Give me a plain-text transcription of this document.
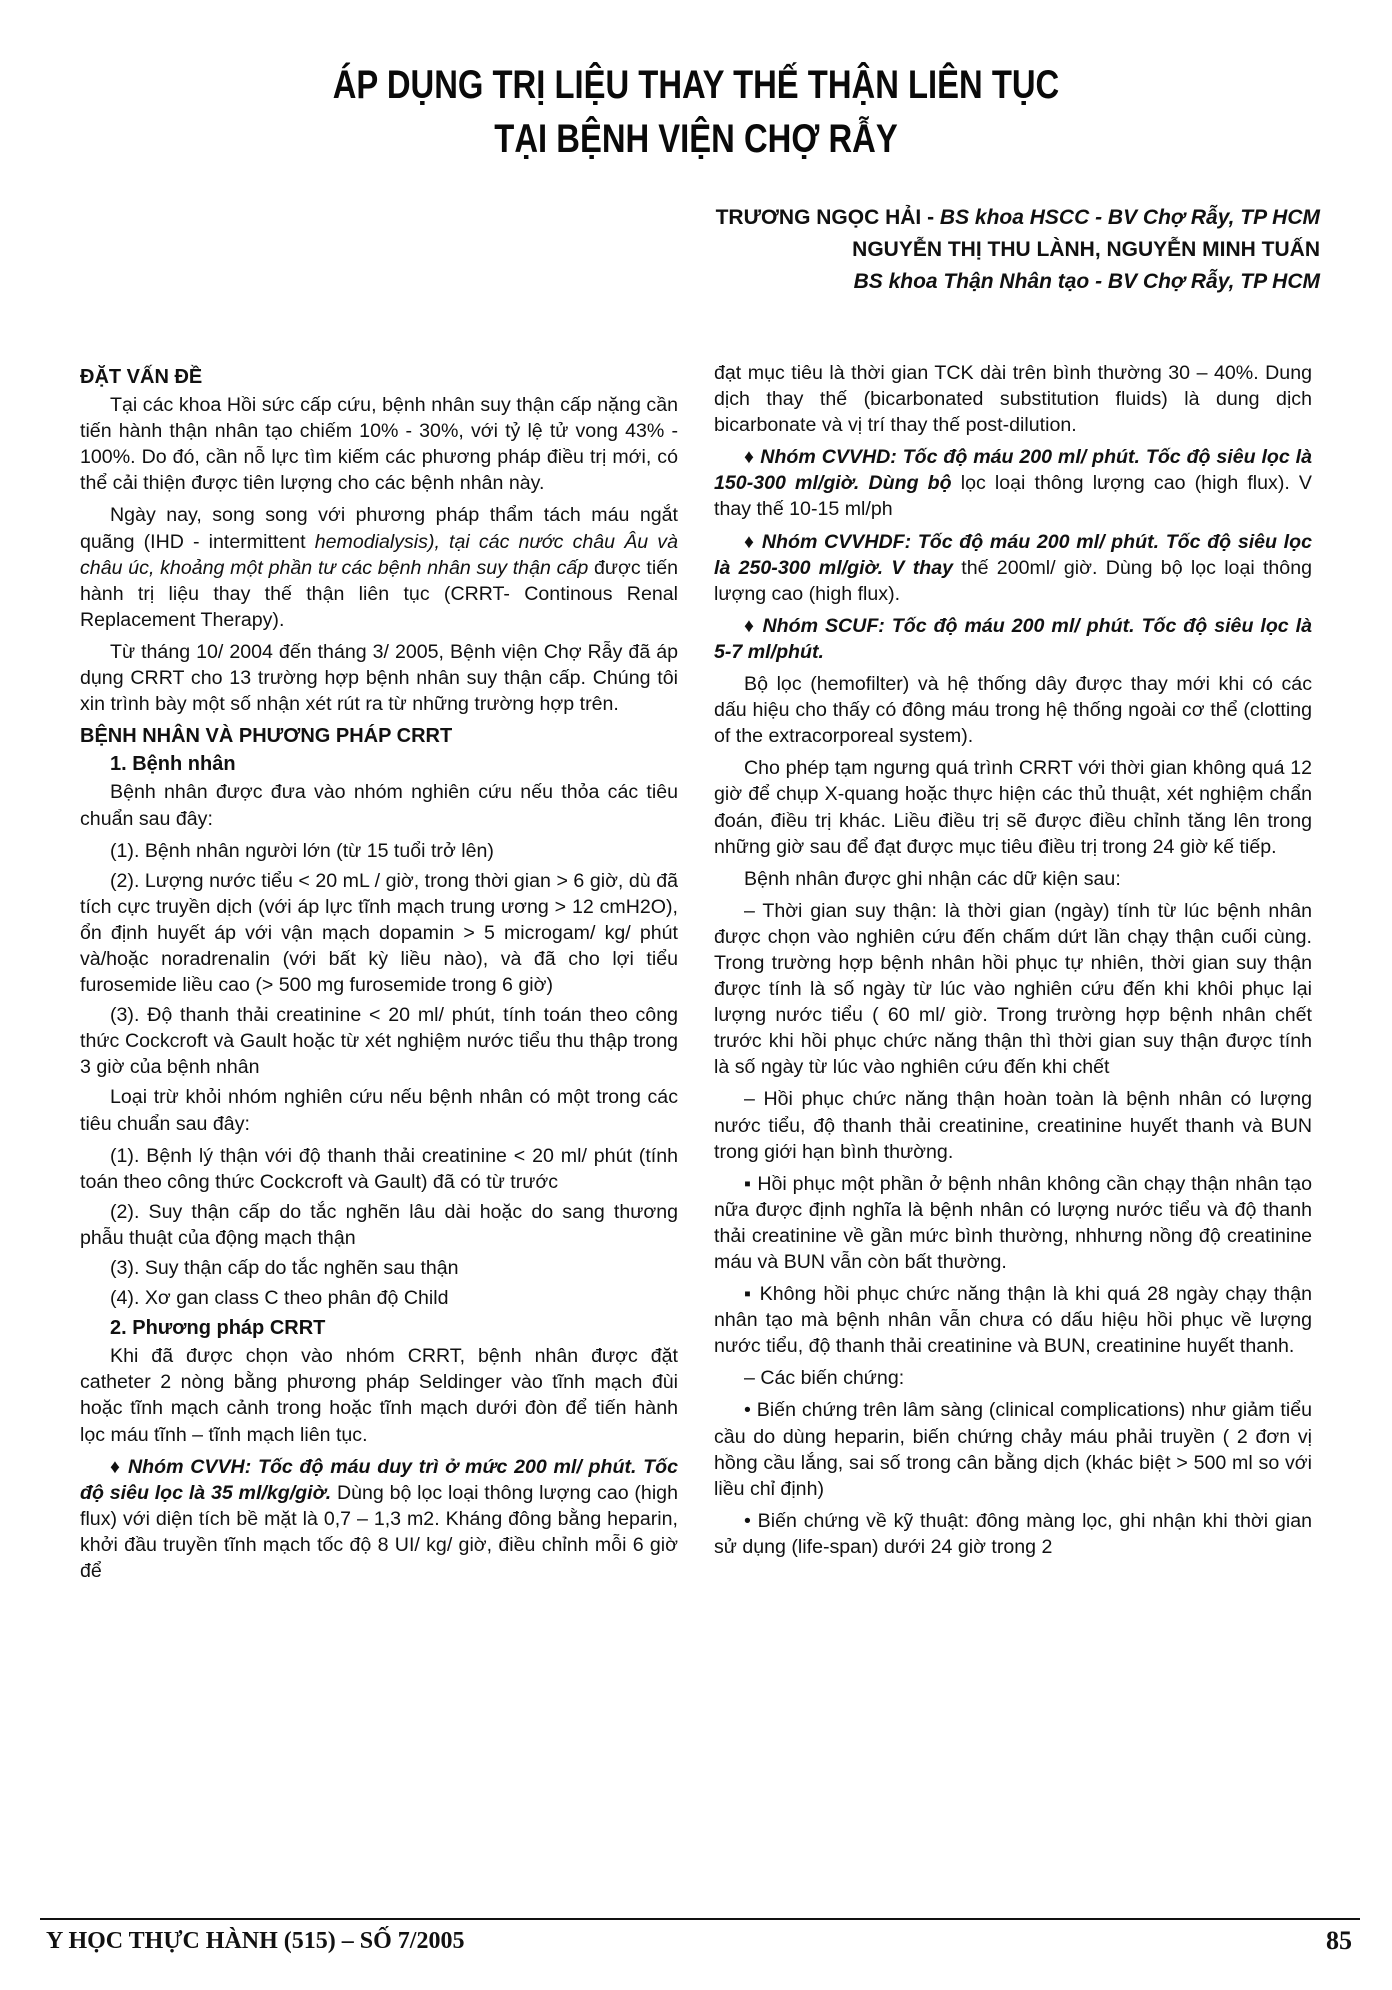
ÁP DỤNG TRỊ LIỆU THAY THẾ THẬN LIÊN TỤC
TẠI BỆNH VIỆN CHỢ RẪY
TRƯƠNG NGỌC HẢI - BS khoa HSCC - BV Chợ Rẫy, TP HCM
NGUYỄN THỊ THU LÀNH, NGUYỄN MINH TUẤN
BS khoa Thận Nhân tạo - BV Chợ Rẫy, TP HCM
ĐẶT VẤN ĐỀ

Tại các khoa Hồi sức cấp cứu, bệnh nhân suy thận cấp nặng cần tiến hành thận nhân tạo chiếm 10% - 30%, với tỷ lệ tử vong 43% - 100%. Do đó, cần nỗ lực tìm kiếm các phương pháp điều trị mới, có thể cải thiện được tiên lượng cho các bệnh nhân này.

Ngày nay, song song với phương pháp thẩm tách máu ngắt quãng (IHD - intermittent hemodialysis), tại các nước châu Âu và châu úc, khoảng một phần tư các bệnh nhân suy thận cấp được tiến hành trị liệu thay thế thận liên tục (CRRT- Continous Renal Replacement Therapy).

Từ tháng 10/ 2004 đến tháng 3/ 2005, Bệnh viện Chợ Rẫy đã áp dụng CRRT cho 13 trường hợp bệnh nhân suy thận cấp. Chúng tôi xin trình bày một số nhận xét rút ra từ những trường hợp trên.

BỆNH NHÂN VÀ PHƯƠNG PHÁP CRRT
1. Bệnh nhân

Bệnh nhân được đưa vào nhóm nghiên cứu nếu thỏa các tiêu chuẩn sau đây:

(1). Bệnh nhân người lớn (từ 15 tuổi trở lên)

(2). Lượng nước tiểu < 20 mL / giờ, trong thời gian > 6 giờ, dù đã tích cực truyền dịch (với áp lực tĩnh mạch trung ương > 12 cmH2O), ổn định huyết áp với vận mạch dopamin > 5 microgam/ kg/ phút và/hoặc noradrenalin (với bất kỳ liều nào), và đã cho lợi tiểu furosemide liều cao (> 500 mg furosemide trong 6 giờ)

(3). Độ thanh thải creatinine < 20 ml/ phút, tính toán theo công thức Cockcroft và Gault hoặc từ xét nghiệm nước tiểu thu thập trong 3 giờ của bệnh nhân

Loại trừ khỏi nhóm nghiên cứu nếu bệnh nhân có một trong các tiêu chuẩn sau đây:

(1). Bệnh lý thận với độ thanh thải creatinine < 20 ml/ phút (tính toán theo công thức Cockcroft và Gault) đã có từ trước

(2). Suy thận cấp do tắc nghẽn lâu dài hoặc do sang thương phẫu thuật của động mạch thận

(3). Suy thận cấp do tắc nghẽn sau thận

(4). Xơ gan class C theo phân độ Child

2. Phương pháp CRRT

Khi đã được chọn vào nhóm CRRT, bệnh nhân được đặt catheter 2 nòng bằng phương pháp Seldinger vào tĩnh mạch đùi hoặc tĩnh mạch cảnh trong hoặc tĩnh mạch dưới đòn để tiến hành lọc máu tĩnh – tĩnh mạch liên tục.

♦ Nhóm CVVH: Tốc độ máu duy trì ở mức 200 ml/ phút. Tốc độ siêu lọc là 35 ml/kg/giờ. Dùng bộ lọc loại thông lượng cao (high flux) với diện tích bề mặt là 0,7 – 1,3 m2. Kháng đông bằng heparin, khởi đầu truyền tĩnh mạch tốc độ 8 UI/ kg/ giờ, điều chỉnh mỗi 6 giờ để

đạt mục tiêu là thời gian TCK dài trên bình thường 30 – 40%. Dung dịch thay thế (bicarbonated substitution fluids) là dung dịch bicarbonate và vị trí thay thế post-dilution.

♦ Nhóm CVVHD: Tốc độ máu 200 ml/ phút. Tốc độ siêu lọc là 150-300 ml/giờ. Dùng bộ lọc loại thông lượng cao (high flux). V thay thế 10-15 ml/ph

♦ Nhóm CVVHDF: Tốc độ máu 200 ml/ phút. Tốc độ siêu lọc là 250-300 ml/giờ. V thay thế 200ml/ giờ. Dùng bộ lọc loại thông lượng cao (high flux).

♦ Nhóm SCUF: Tốc độ máu 200 ml/ phút. Tốc độ siêu lọc là 5-7 ml/phút.

Bộ lọc (hemofilter) và hệ thống dây được thay mới khi có các dấu hiệu cho thấy có đông máu trong hệ thống ngoài cơ thể (clotting of the extracorporeal system).

Cho phép tạm ngưng quá trình CRRT với thời gian không quá 12 giờ để chụp X-quang hoặc thực hiện các thủ thuật, xét nghiệm chẩn đoán, điều trị khác. Liều điều trị sẽ được điều chỉnh tăng lên trong những giờ sau để đạt được mục tiêu điều trị trong 24 giờ kế tiếp.

Bệnh nhân được ghi nhận các dữ kiện sau:

– Thời gian suy thận: là thời gian (ngày) tính từ lúc bệnh nhân được chọn vào nghiên cứu đến chấm dứt lần chạy thận cuối cùng. Trong trường hợp bệnh nhân hồi phục tự nhiên, thời gian suy thận được tính là số ngày từ lúc vào nghiên cứu đến khi khôi phục lại lượng nước tiểu ( 60 ml/ giờ. Trong trường hợp bệnh nhân chết trước khi hồi phục chức năng thận thì thời gian suy thận được tính là số ngày từ lúc vào nghiên cứu đến khi chết

– Hồi phục chức năng thận hoàn toàn là bệnh nhân có lượng nước tiểu, độ thanh thải creatinine, creatinine huyết thanh và BUN trong giới hạn bình thường.

▪ Hồi phục một phần ở bệnh nhân không cần chạy thận nhân tạo nữa được định nghĩa là bệnh nhân có lượng nước tiểu và độ thanh thải creatinine về gần mức bình thường, nhhưng nồng độ creatinine máu và BUN vẫn còn bất thường.

▪ Không hồi phục chức năng thận là khi quá 28 ngày chạy thận nhân tạo mà bệnh nhân vẫn chưa có dấu hiệu hồi phục về lượng nước tiểu, độ thanh thải creatinine và BUN, creatinine huyết thanh.

– Các biến chứng:

• Biến chứng trên lâm sàng (clinical complications) như giảm tiểu cầu do dùng heparin, biến chứng chảy máu phải truyền ( 2 đơn vị hồng cầu lắng, sai số trong cân bằng dịch (khác biệt > 500 ml so với liều chỉ định)

• Biến chứng về kỹ thuật: đông màng lọc, ghi nhận khi thời gian sử dụng (life-span) dưới 24 giờ trong 2

Y HỌC THỰC HÀNH (515) – SỐ 7/2005	85
